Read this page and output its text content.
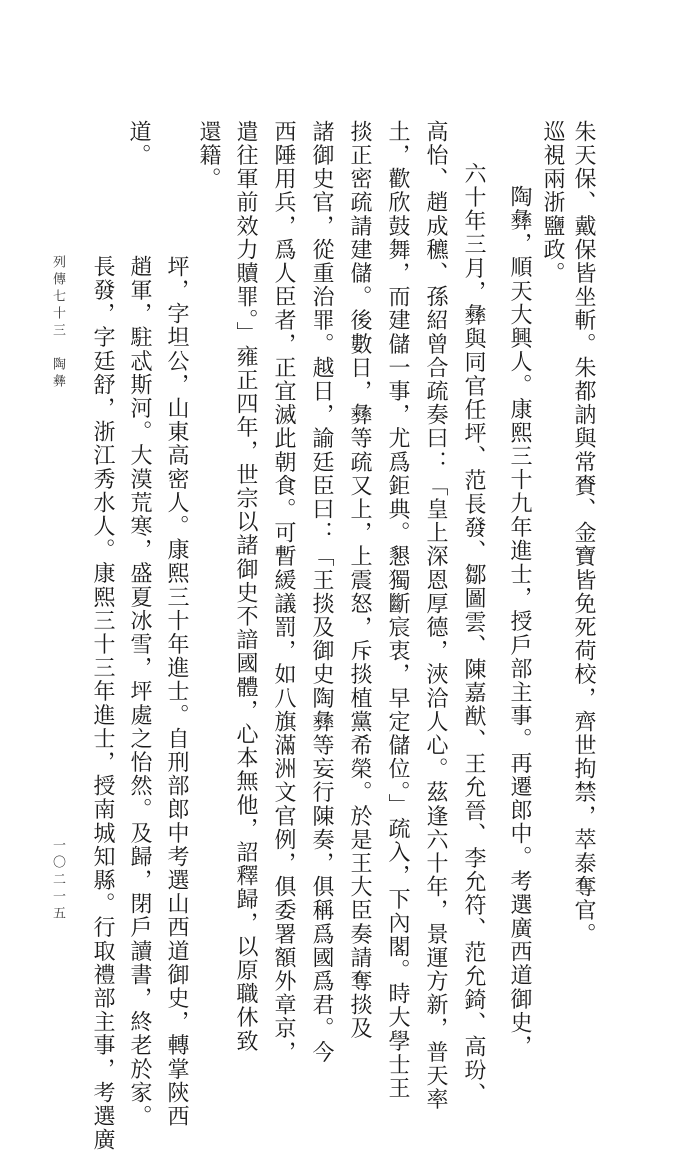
朱天保、戴保皆坐斬。朱都訥與常賚、金寶皆免死荷校，齊世拘禁，萃泰奪官。
巡視兩浙鹽政。
陶彝，順天大興人。康熙三十九年進士，授戶部主事。再遷郎中。考選廣西道御史，
六十年三月，彝與同官任坪、范長發、鄒圖雲、陳嘉猷、王允晉、李允符、范允錡、高玢、
高怡、趙成穮、孫紹曾合疏奏曰：「皇上深恩厚德，浹洽人心。茲逢六十年，景運方新，普天率
土，歡欣鼓舞，而建儲一事，尤爲鉅典。懇獨斷宸衷，早定儲位。」疏入，下內閣。時大學士王
掞正密疏請建儲。後數日，彝等疏又上，上震怒，斥掞植黨希榮。於是王大臣奏請奪掞及
諸御史官，從重治罪。越日，諭廷臣曰：「王掞及御史陶彝等妄行陳奏，俱稱爲國爲君。今
西陲用兵，爲人臣者，正宜滅此朝食。可暫緩議罰，如八旗滿洲文官例，俱委署額外章京，
遣往軍前效力贖罪。」雍正四年，世宗以諸御史不諳國體，心本無他，詔釋歸，以原職休致
還籍。
坪，字坦公，山東高密人。康熙三十年進士。自刑部郎中考選山西道御史，轉掌陝西
道。
長發，字廷舒，浙江秀水人。康熙三十三年進士，授南城知縣。行取禮部主事，考選廣 趙軍，駐忒斯河。大漠荒寒，盛夏冰雪，坪處之怡然。及歸，閉戶讀書，終老於家。
列傳七十三　陶彝
一〇二一五
